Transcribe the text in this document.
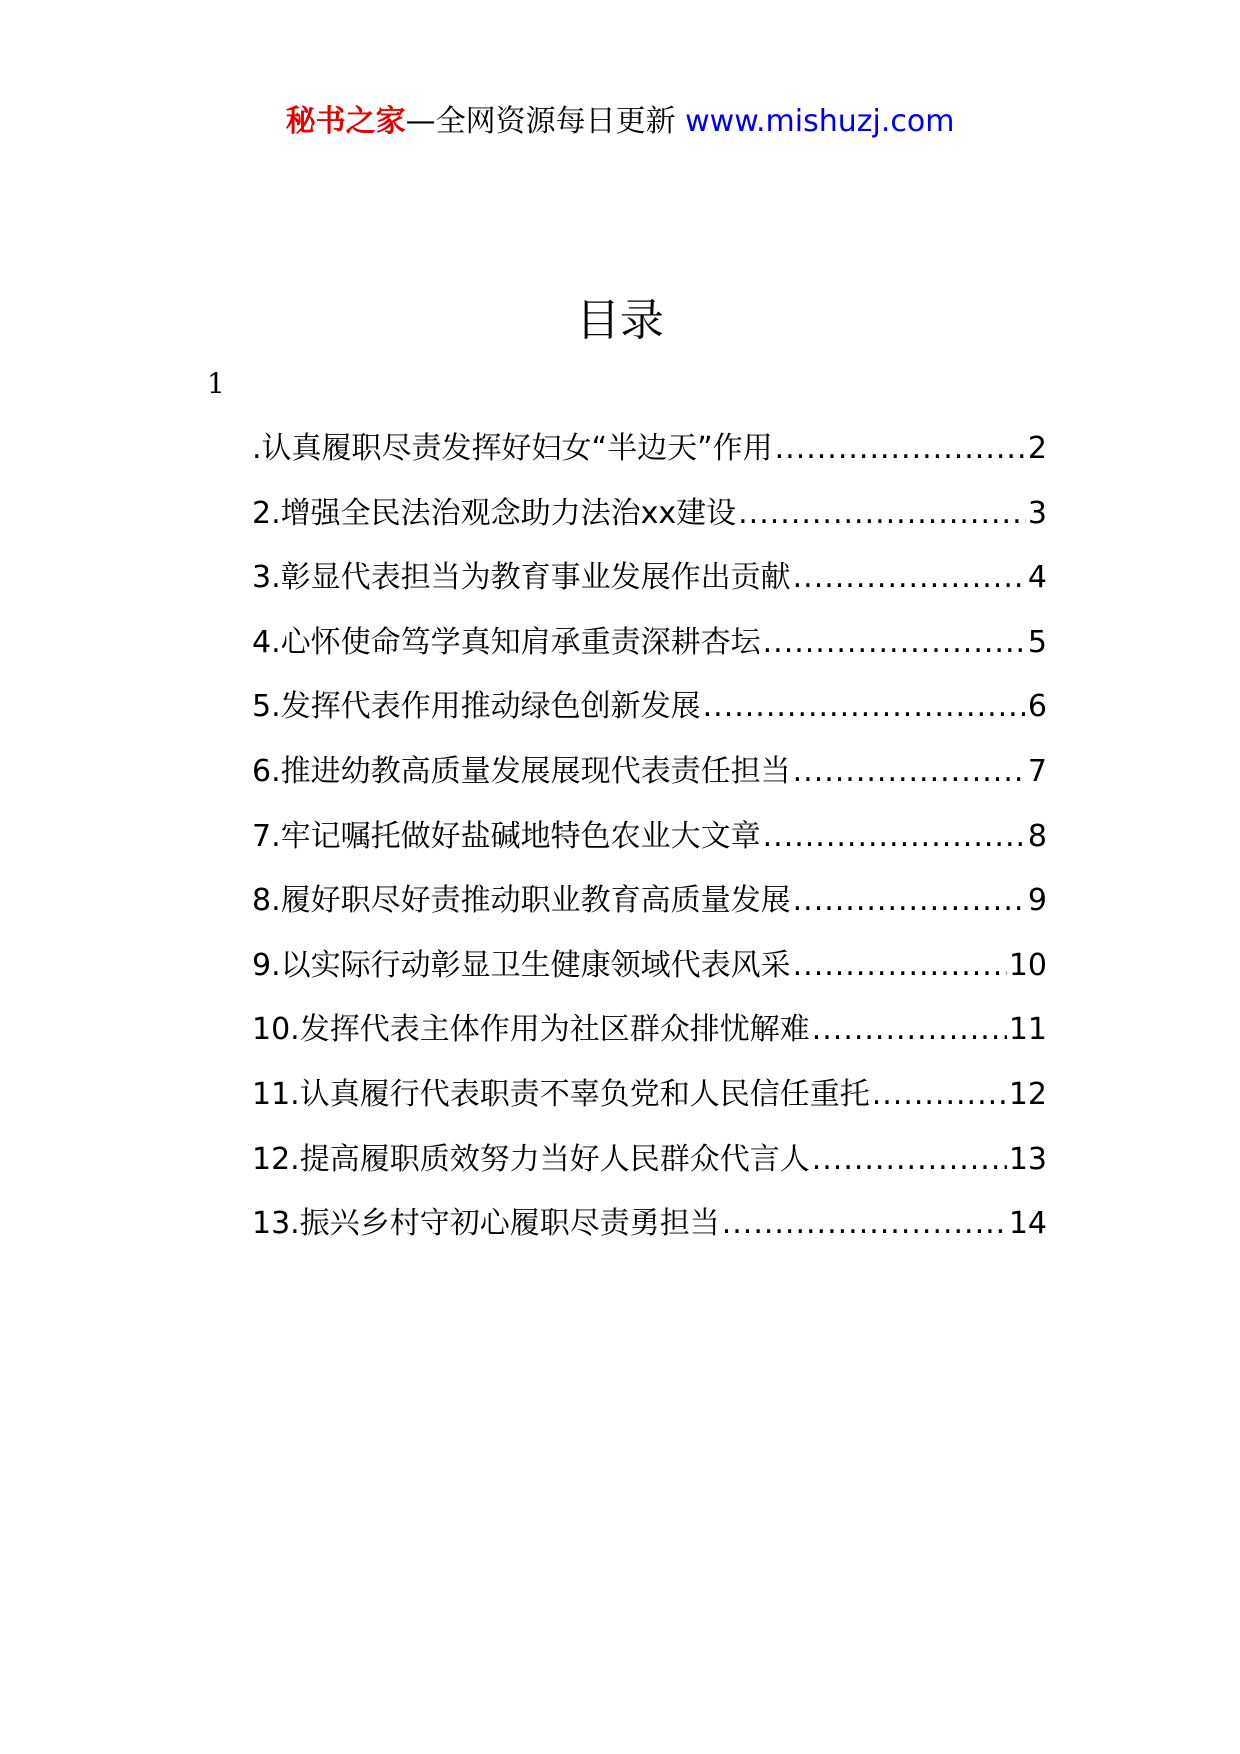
秘书之家—全网资源每日更新 www.mishuzj.com
目录
1
.认真履职尽责发挥好妇女“半边天”作用 .....	2
2.增强全民法治观念助力法治xx建设 .....	3
3.彰显代表担当为教育事业发展作出贡献 .....	4
4.心怀使命笃学真知肩承重责深耕杏坛 .....	5
5.发挥代表作用推动绿色创新发展 .....	6
6.推进幼教高质量发展展现代表责任担当 .....	7
7.牢记嘱托做好盐碱地特色农业大文章 .....	8
8.履好职尽好责推动职业教育高质量发展 .....	9
9.以实际行动彰显卫生健康领域代表风采 .....	10
10.发挥代表主体作用为社区群众排忧解难 .....	11
11.认真履行代表职责不辜负党和人民信任重托 .....	12
12.提高履职质效努力当好人民群众代言人 .....	13
13.振兴乡村守初心履职尽责勇担当 .....	14
